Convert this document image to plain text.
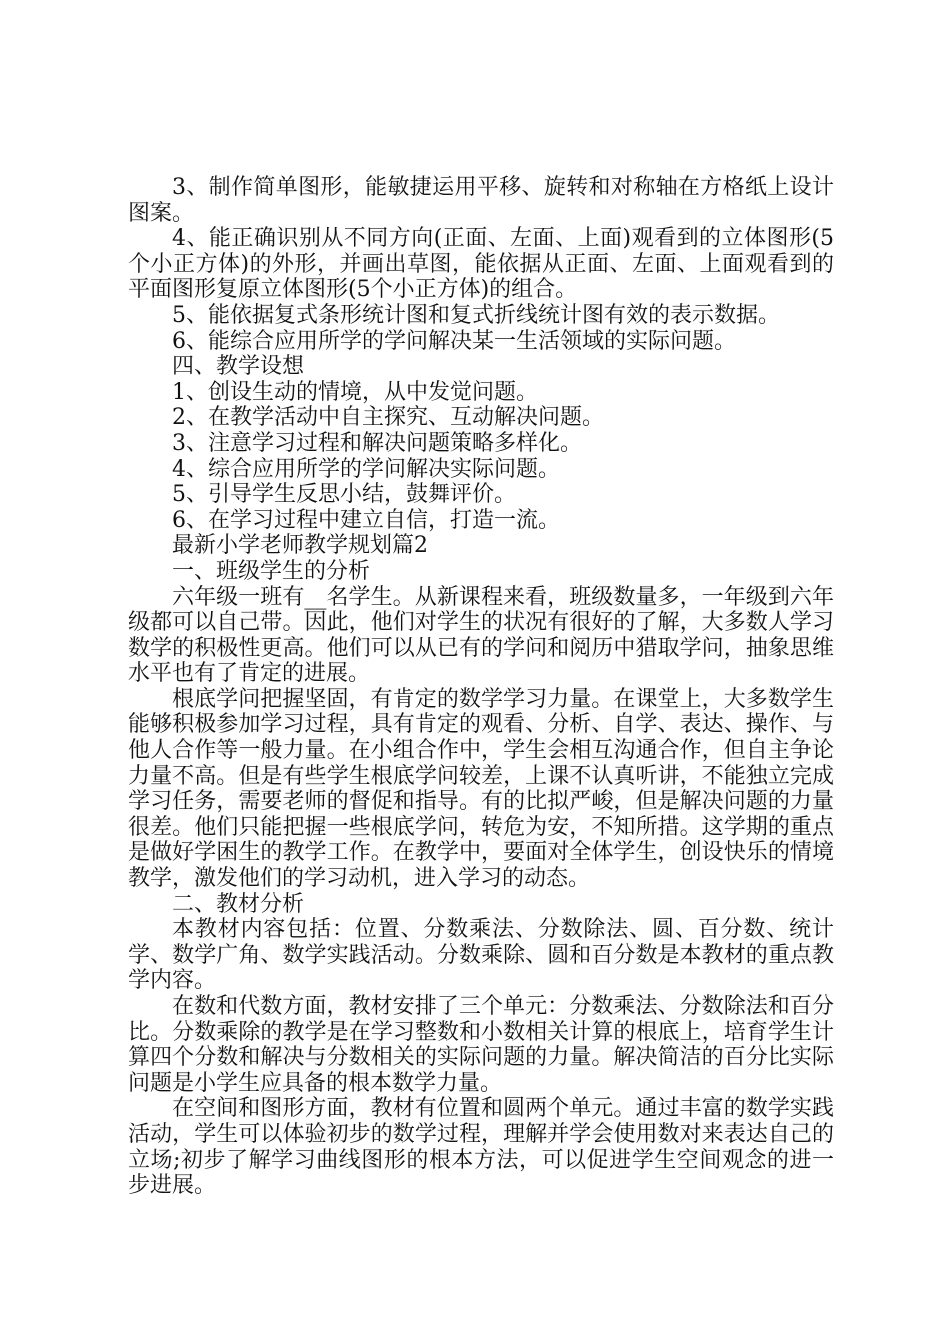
3、制作简单图形，能敏捷运用平移、旋转和对称轴在方格纸上设计图案。

4、能正确识别从不同方向(正面、左面、上面)观看到的立体图形(5个小正方体)的外形，并画出草图，能依据从正面、左面、上面观看到的平面图形复原立体图形(5个小正方体)的组合。

5、能依据复式条形统计图和复式折线统计图有效的表示数据。

6、能综合应用所学的学问解决某一生活领域的实际问题。

四、教学设想

1、创设生动的情境，从中发觉问题。

2、在教学活动中自主探究、互动解决问题。

3、注意学习过程和解决问题策略多样化。

4、综合应用所学的学问解决实际问题。

5、引导学生反思小结，鼓舞评价。

6、在学习过程中建立自信，打造一流。

最新小学老师教学规划篇2

一、班级学生的分析

六年级一班有__名学生。从新课程来看，班级数量多，一年级到六年级都可以自己带。因此，他们对学生的状况有很好的了解，大多数人学习数学的积极性更高。他们可以从已有的学问和阅历中猎取学问，抽象思维水平也有了肯定的进展。

根底学问把握坚固，有肯定的数学学习力量。在课堂上，大多数学生能够积极参加学习过程，具有肯定的观看、分析、自学、表达、操作、与他人合作等一般力量。在小组合作中，学生会相互沟通合作，但自主争论力量不高。但是有些学生根底学问较差，上课不认真听讲，不能独立完成学习任务，需要老师的督促和指导。有的比拟严峻，但是解决问题的力量很差。他们只能把握一些根底学问，转危为安，不知所措。这学期的重点是做好学困生的教学工作。在教学中，要面对全体学生，创设快乐的情境教学，激发他们的学习动机，进入学习的动态。

二、教材分析

本教材内容包括：位置、分数乘法、分数除法、圆、百分数、统计学、数学广角、数学实践活动。分数乘除、圆和百分数是本教材的重点教学内容。

在数和代数方面，教材安排了三个单元：分数乘法、分数除法和百分比。分数乘除的教学是在学习整数和小数相关计算的根底上，培育学生计算四个分数和解决与分数相关的实际问题的力量。解决简洁的百分比实际问题是小学生应具备的根本数学力量。

在空间和图形方面，教材有位置和圆两个单元。通过丰富的数学实践活动，学生可以体验初步的数学过程，理解并学会使用数对来表达自己的立场;初步了解学习曲线图形的根本方法，可以促进学生空间观念的进一步进展。
